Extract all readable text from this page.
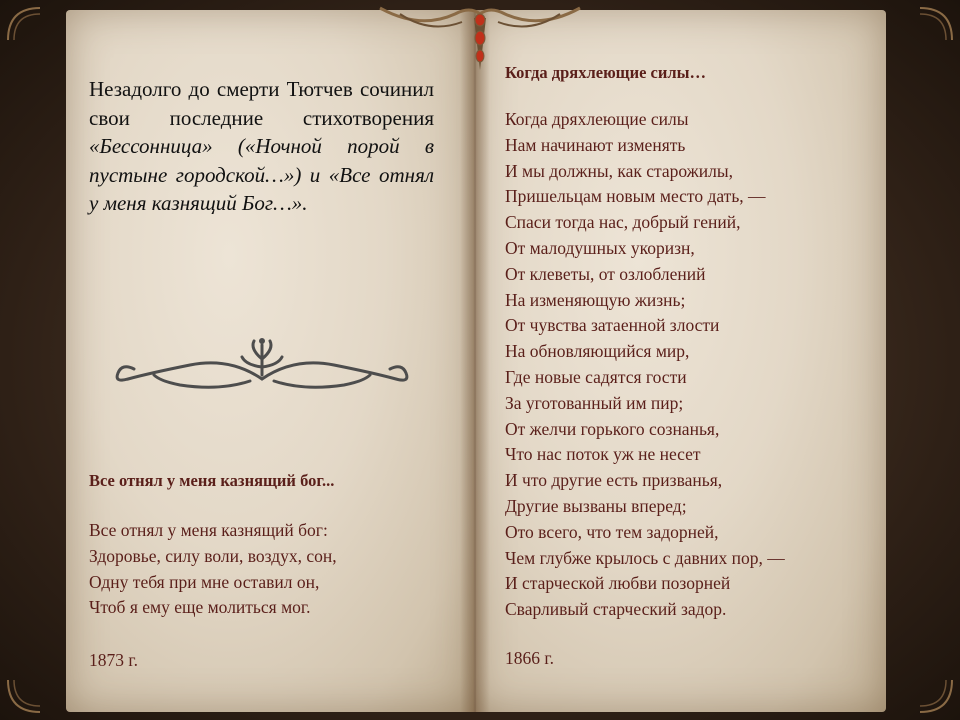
Незадолго до смерти Тютчев сочинил свои последние стихотворения «Бессонница» («Ночной порой в пустыне городской…») и «Все отнял у меня казнящий Бог…».
Все отнял у меня казнящий бог...
Все отнял у меня казнящий бог:
Здоровье, силу воли, воздух, сон,
Одну тебя при мне оставил он,
Чтоб я ему еще молиться мог.
1873 г.
Когда дряхлеющие силы…
Когда дряхлеющие силы
Нам начинают изменять
И мы должны, как старожилы,
Пришельцам новым место дать, —
Спаси тогда нас, добрый гений,
От малодушных укоризн,
От клеветы, от озлоблений
На изменяющую жизнь;
От чувства затаенной злости
На обновляющийся мир,
Где новые садятся гости
За уготованный им пир;
От желчи горького сознанья,
Что нас поток уж не несет
И что другие есть призванья,
Другие вызваны вперед;
Ото всего, что тем задорней,
Чем глубже крылось с давних пор, —
И старческой любви позорней
Сварливый старческий задор.
1866 г.
